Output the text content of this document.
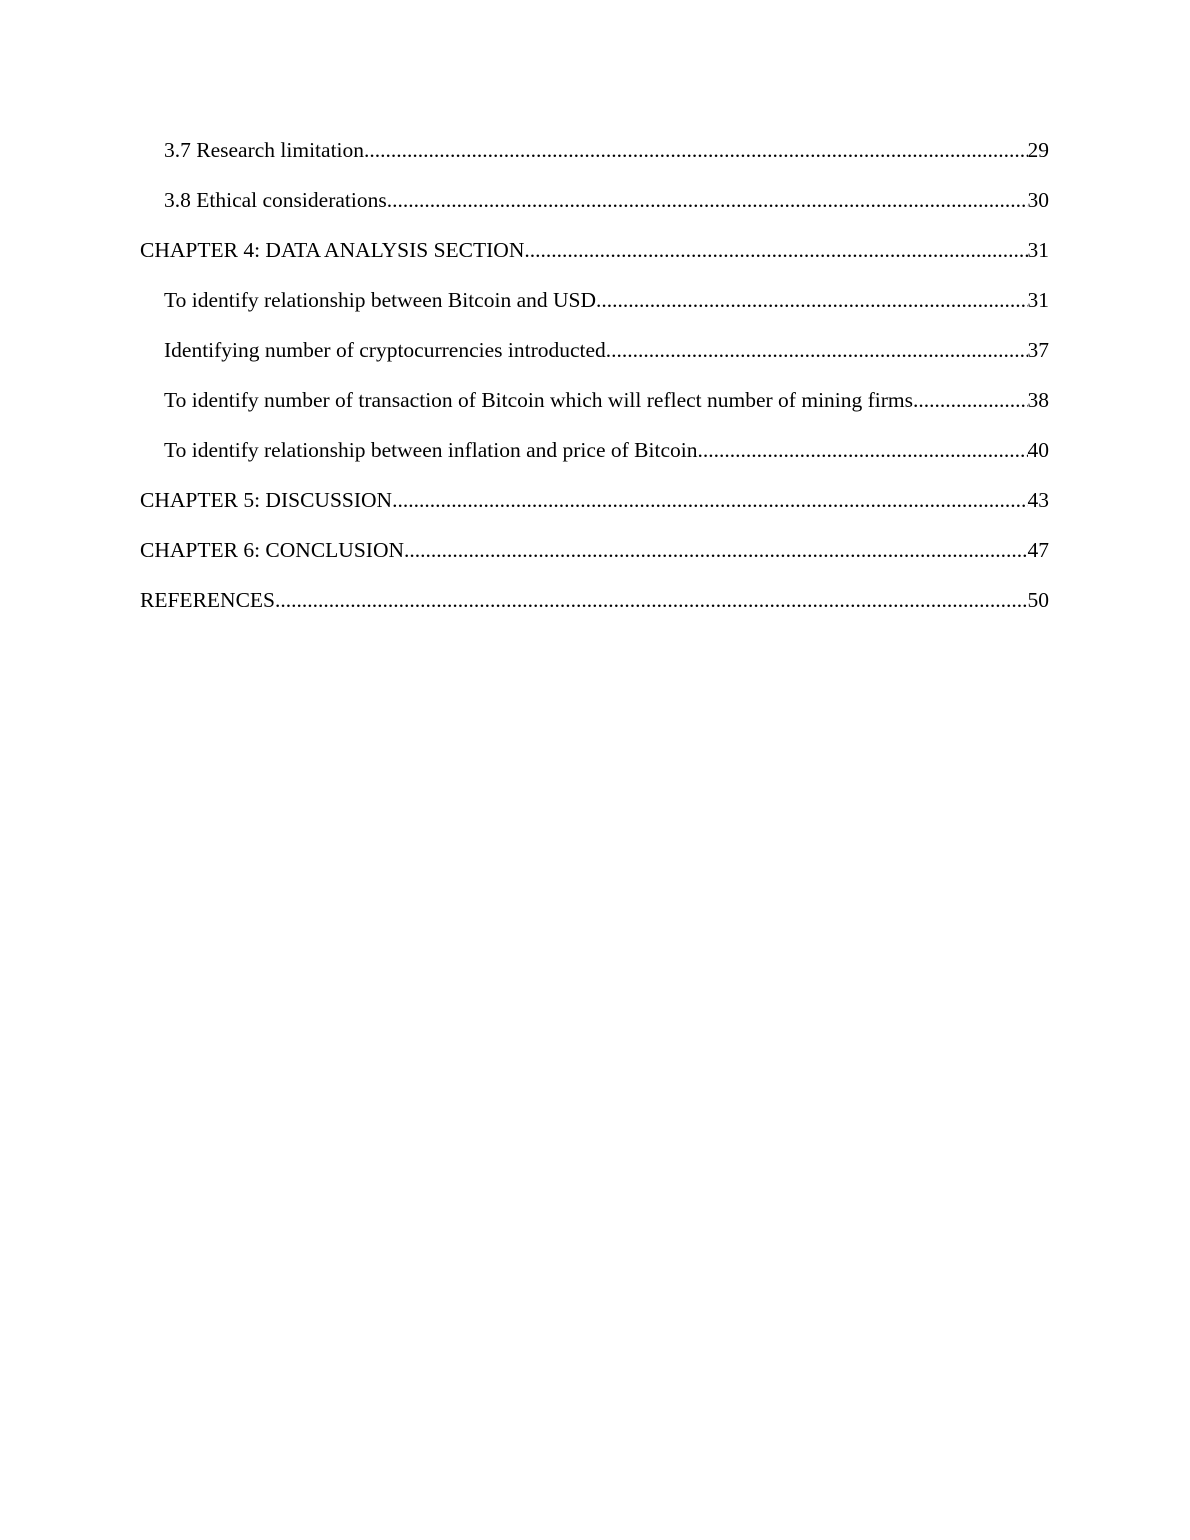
3.7 Research limitation .....	29
3.8 Ethical considerations .....	30
CHAPTER 4: DATA ANALYSIS SECTION .....	31
To identify relationship between Bitcoin and USD .....	31
Identifying number of cryptocurrencies introducted .....	37
To identify number of transaction of Bitcoin which will reflect number of mining firms .....	38
To identify relationship between inflation and price of Bitcoin .....	40
CHAPTER 5: DISCUSSION .....	43
CHAPTER 6: CONCLUSION .....	47
REFERENCES .....	50
